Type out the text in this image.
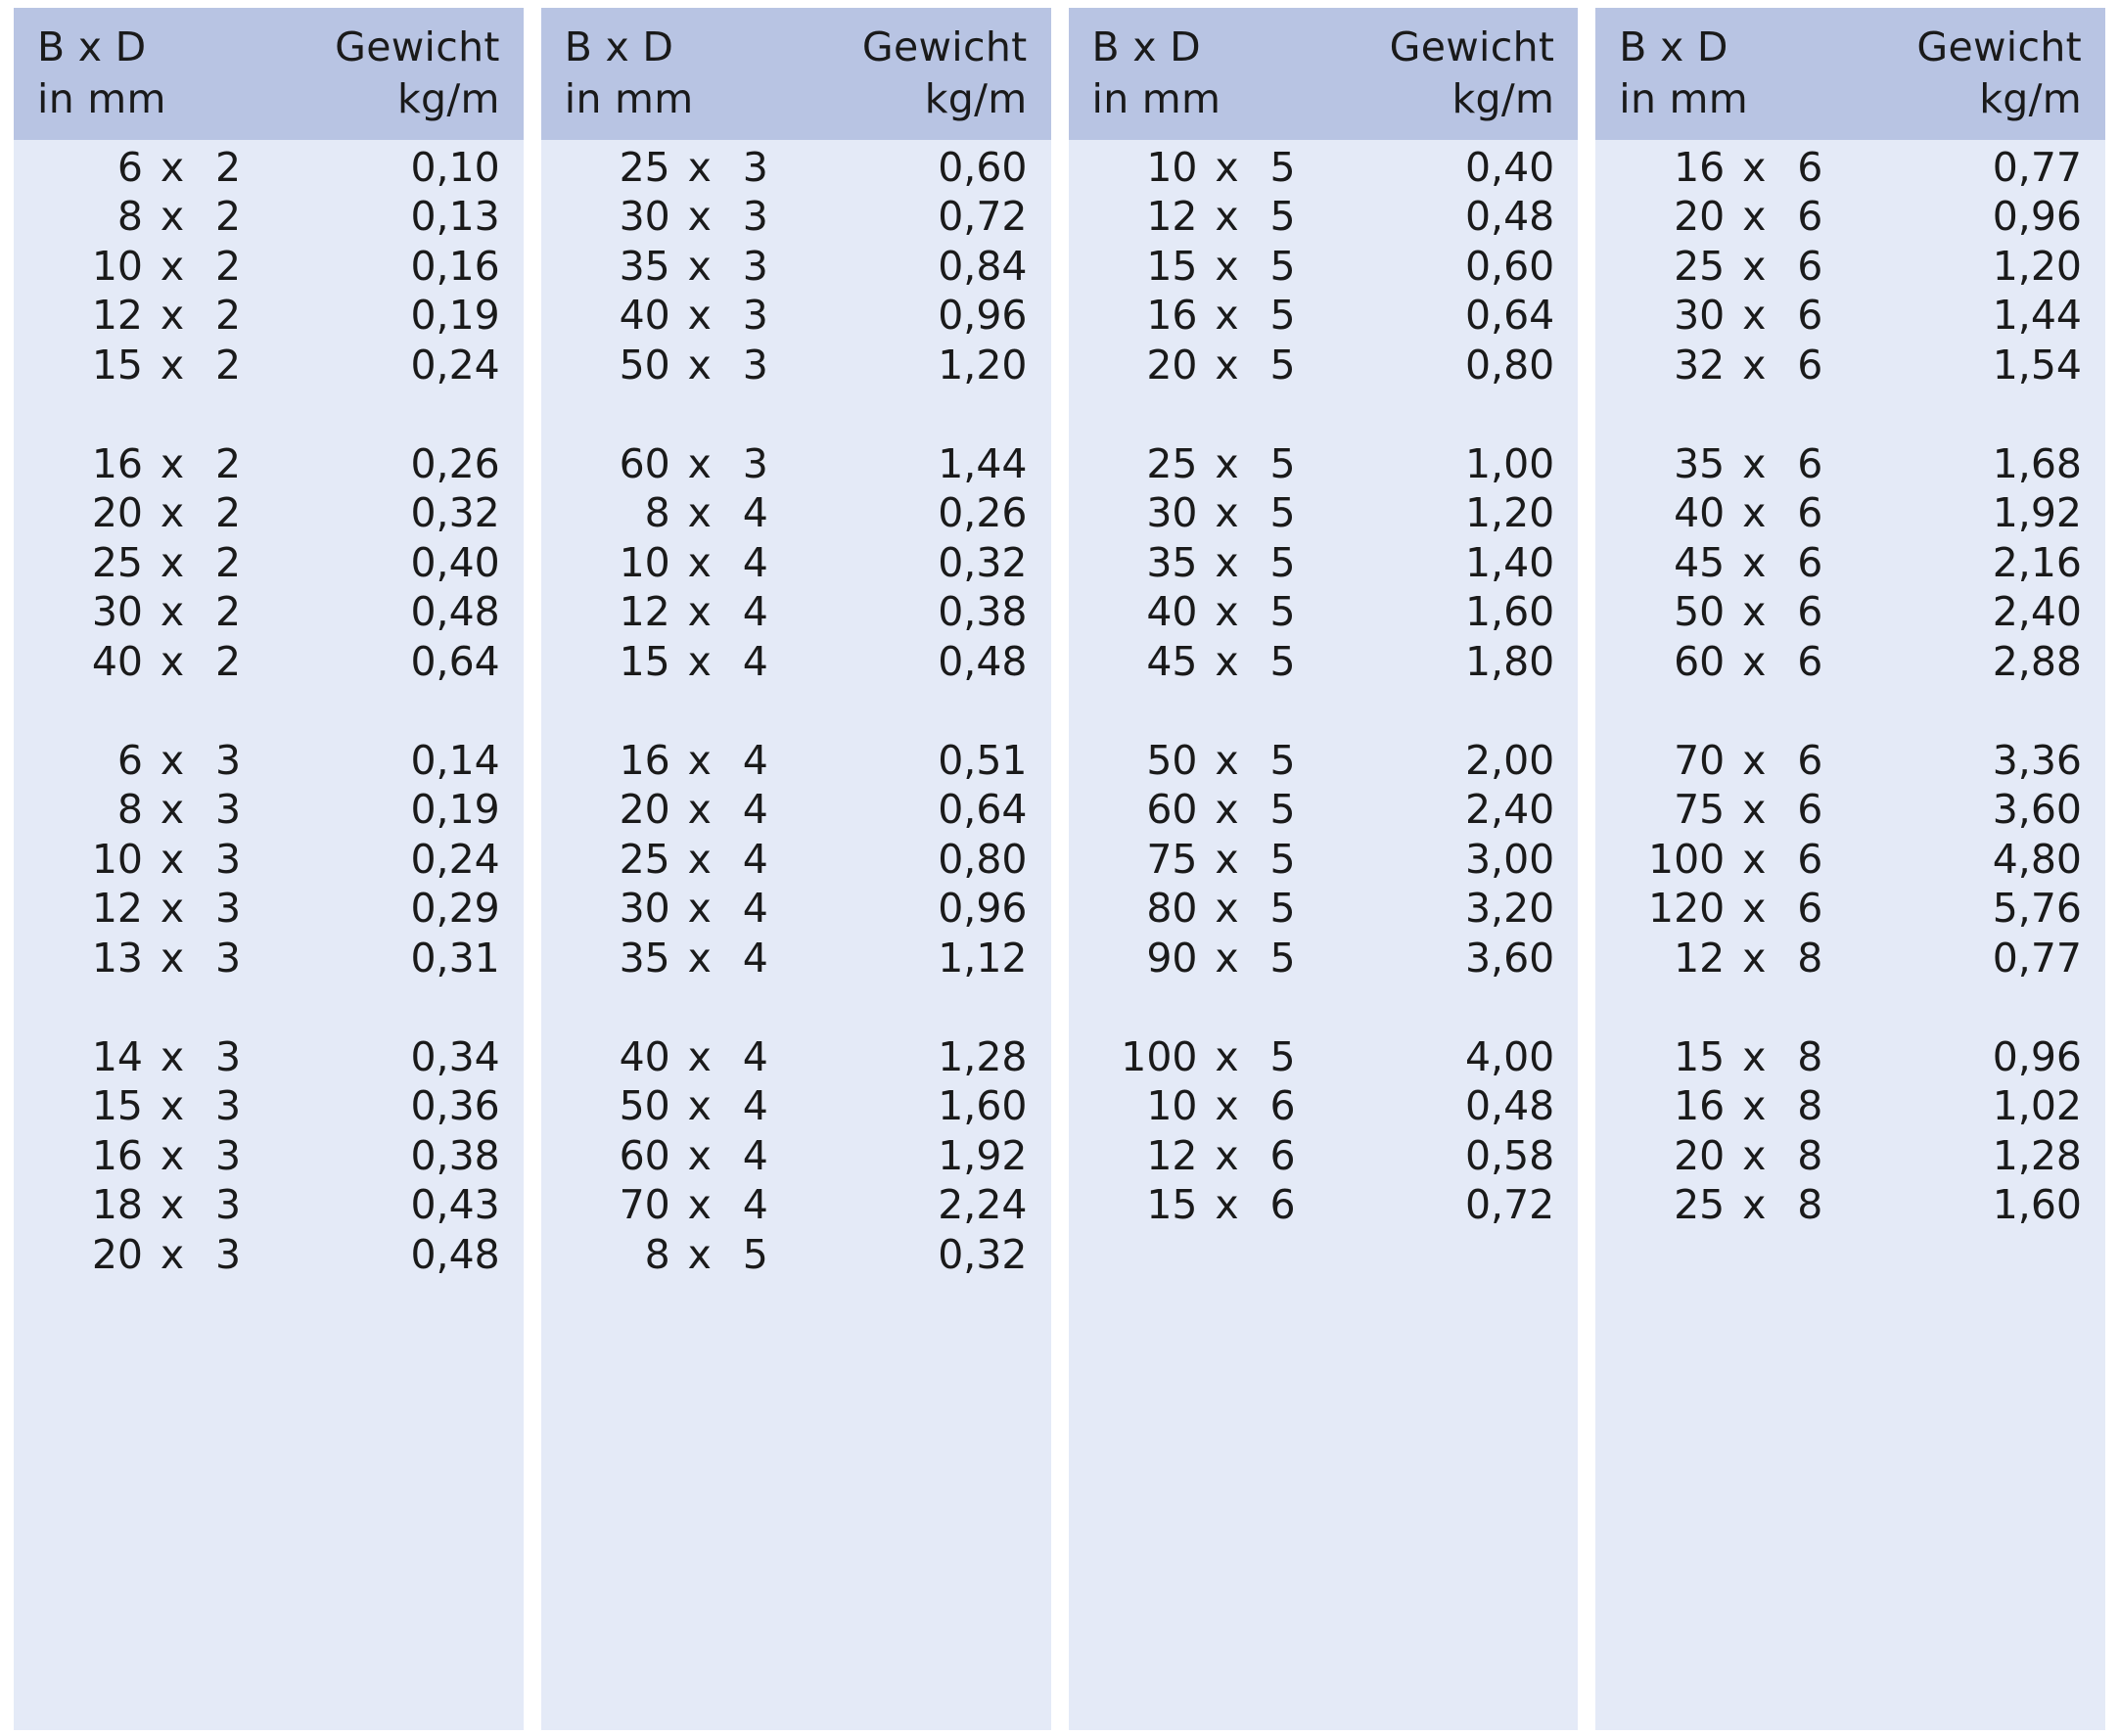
B x D
in mm
Gewicht
kg/m
6 x 2	0,10
8 x 2	0,13
10 x 2	0,16
12 x 2	0,19
15 x 2	0,24
16 x 2	0,26
20 x 2	0,32
25 x 2	0,40
30 x 2	0,48
40 x 2	0,64
6 x 3	0,14
8 x 3	0,19
10 x 3	0,24
12 x 3	0,29
13 x 3	0,31
14 x 3	0,34
15 x 3	0,36
16 x 3	0,38
18 x 3	0,43
20 x 3	0,48
B x D
in mm
Gewicht
kg/m
25 x 3	0,60
30 x 3	0,72
35 x 3	0,84
40 x 3	0,96
50 x 3	1,20
60 x 3	1,44
8 x 4	0,26
10 x 4	0,32
12 x 4	0,38
15 x 4	0,48
16 x 4	0,51
20 x 4	0,64
25 x 4	0,80
30 x 4	0,96
35 x 4	1,12
40 x 4	1,28
50 x 4	1,60
60 x 4	1,92
70 x 4	2,24
8 x 5	0,32
B x D
in mm
Gewicht
kg/m
10 x 5	0,40
12 x 5	0,48
15 x 5	0,60
16 x 5	0,64
20 x 5	0,80
25 x 5	1,00
30 x 5	1,20
35 x 5	1,40
40 x 5	1,60
45 x 5	1,80
50 x 5	2,00
60 x 5	2,40
75 x 5	3,00
80 x 5	3,20
90 x 5	3,60
100 x 5	4,00
10 x 6	0,48
12 x 6	0,58
15 x 6	0,72
B x D
in mm
Gewicht
kg/m
16 x 6	0,77
20 x 6	0,96
25 x 6	1,20
30 x 6	1,44
32 x 6	1,54
35 x 6	1,68
40 x 6	1,92
45 x 6	2,16
50 x 6	2,40
60 x 6	2,88
70 x 6	3,36
75 x 6	3,60
100 x 6	4,80
120 x 6	5,76
12 x 8	0,77
15 x 8	0,96
16 x 8	1,02
20 x 8	1,28
25 x 8	1,60
